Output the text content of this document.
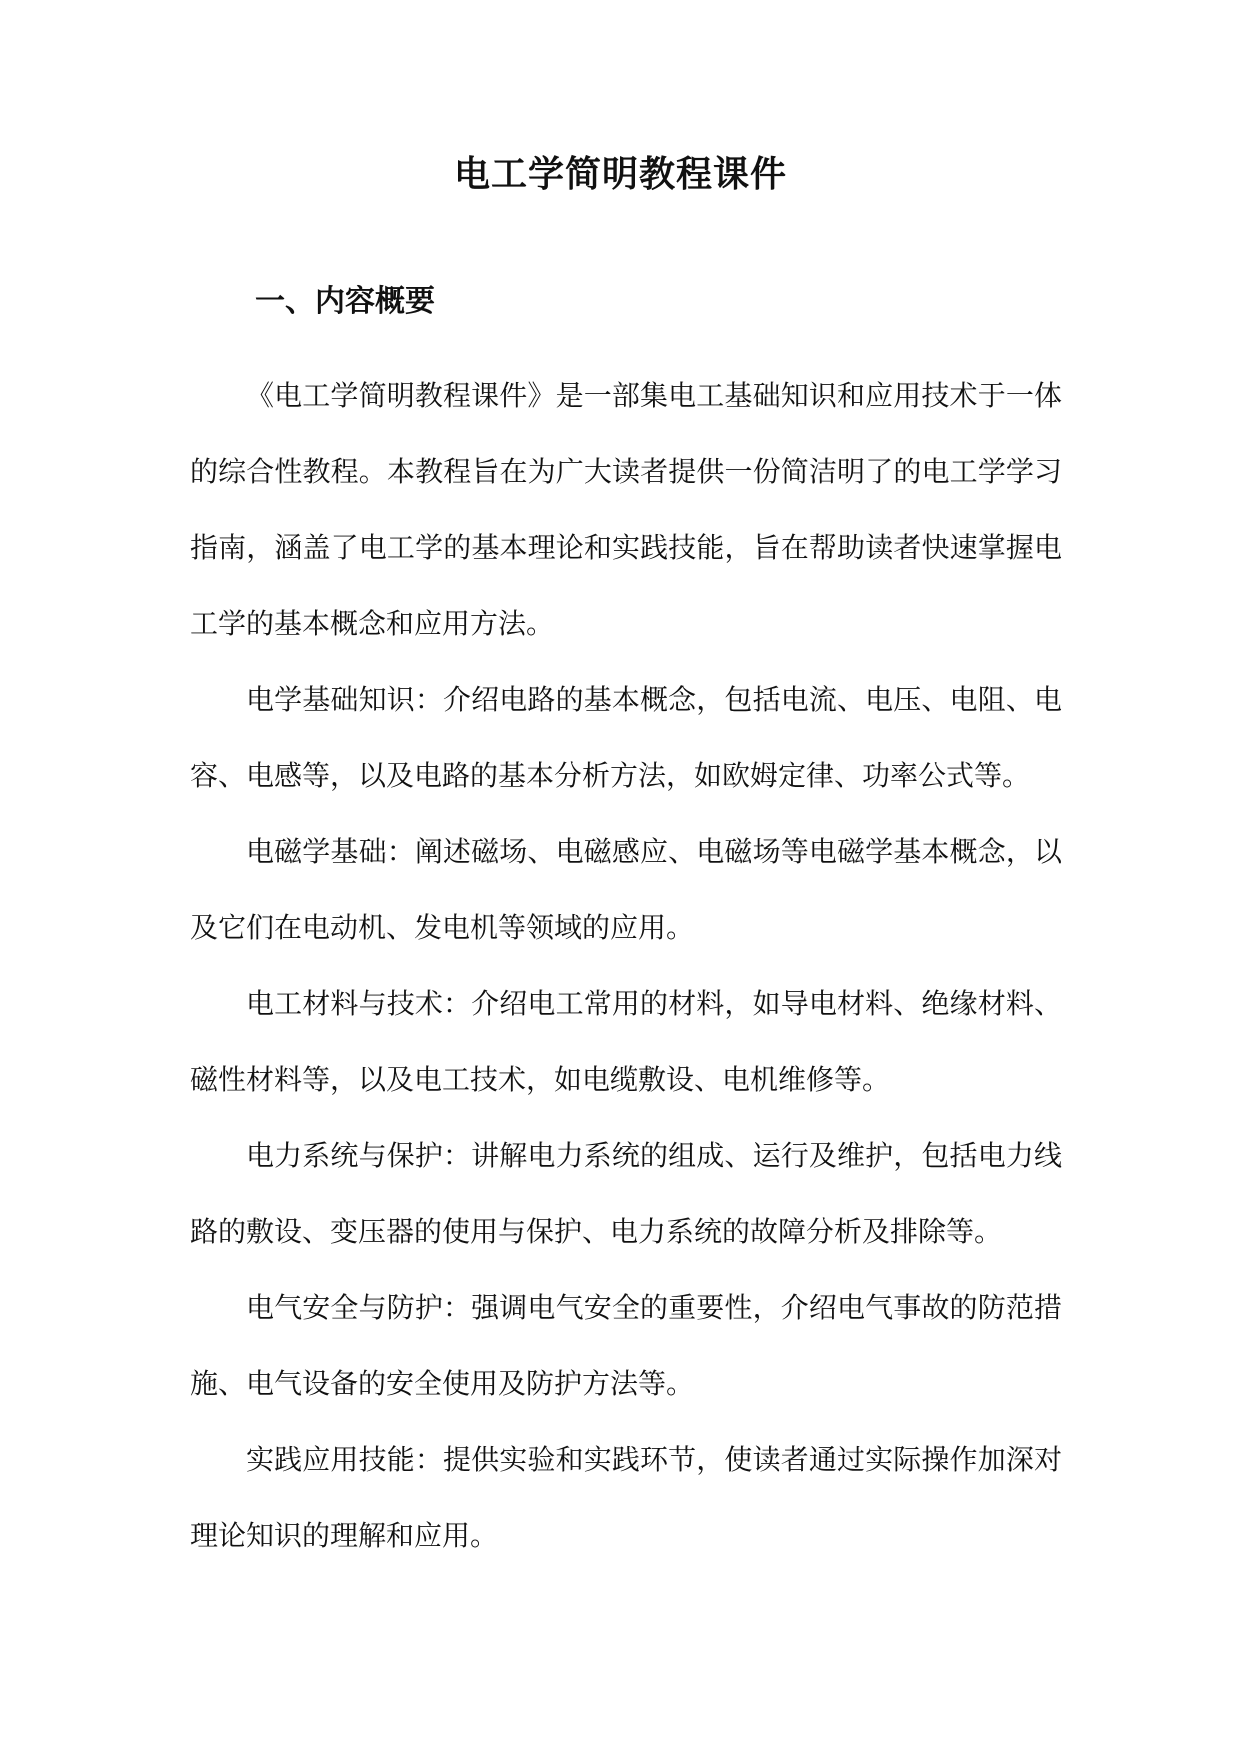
电工学简明教程课件
一、内容概要

《电工学简明教程课件》是一部集电工基础知识和应用技术于一体的综合性教程。本教程旨在为广大读者提供一份简洁明了的电工学学习指南，涵盖了电工学的基本理论和实践技能，旨在帮助读者快速掌握电工学的基本概念和应用方法。

电学基础知识：介绍电路的基本概念，包括电流、电压、电阻、电容、电感等，以及电路的基本分析方法，如欧姆定律、功率公式等。

电磁学基础：阐述磁场、电磁感应、电磁场等电磁学基本概念，以及它们在电动机、发电机等领域的应用。

电工材料与技术：介绍电工常用的材料，如导电材料、绝缘材料、磁性材料等，以及电工技术，如电缆敷设、电机维修等。

电力系统与保护：讲解电力系统的组成、运行及维护，包括电力线路的敷设、变压器的使用与保护、电力系统的故障分析及排除等。

电气安全与防护：强调电气安全的重要性，介绍电气事故的防范措施、电气设备的安全使用及防护方法等。

实践应用技能：提供实验和实践环节，使读者通过实际操作加深对理论知识的理解和应用。
